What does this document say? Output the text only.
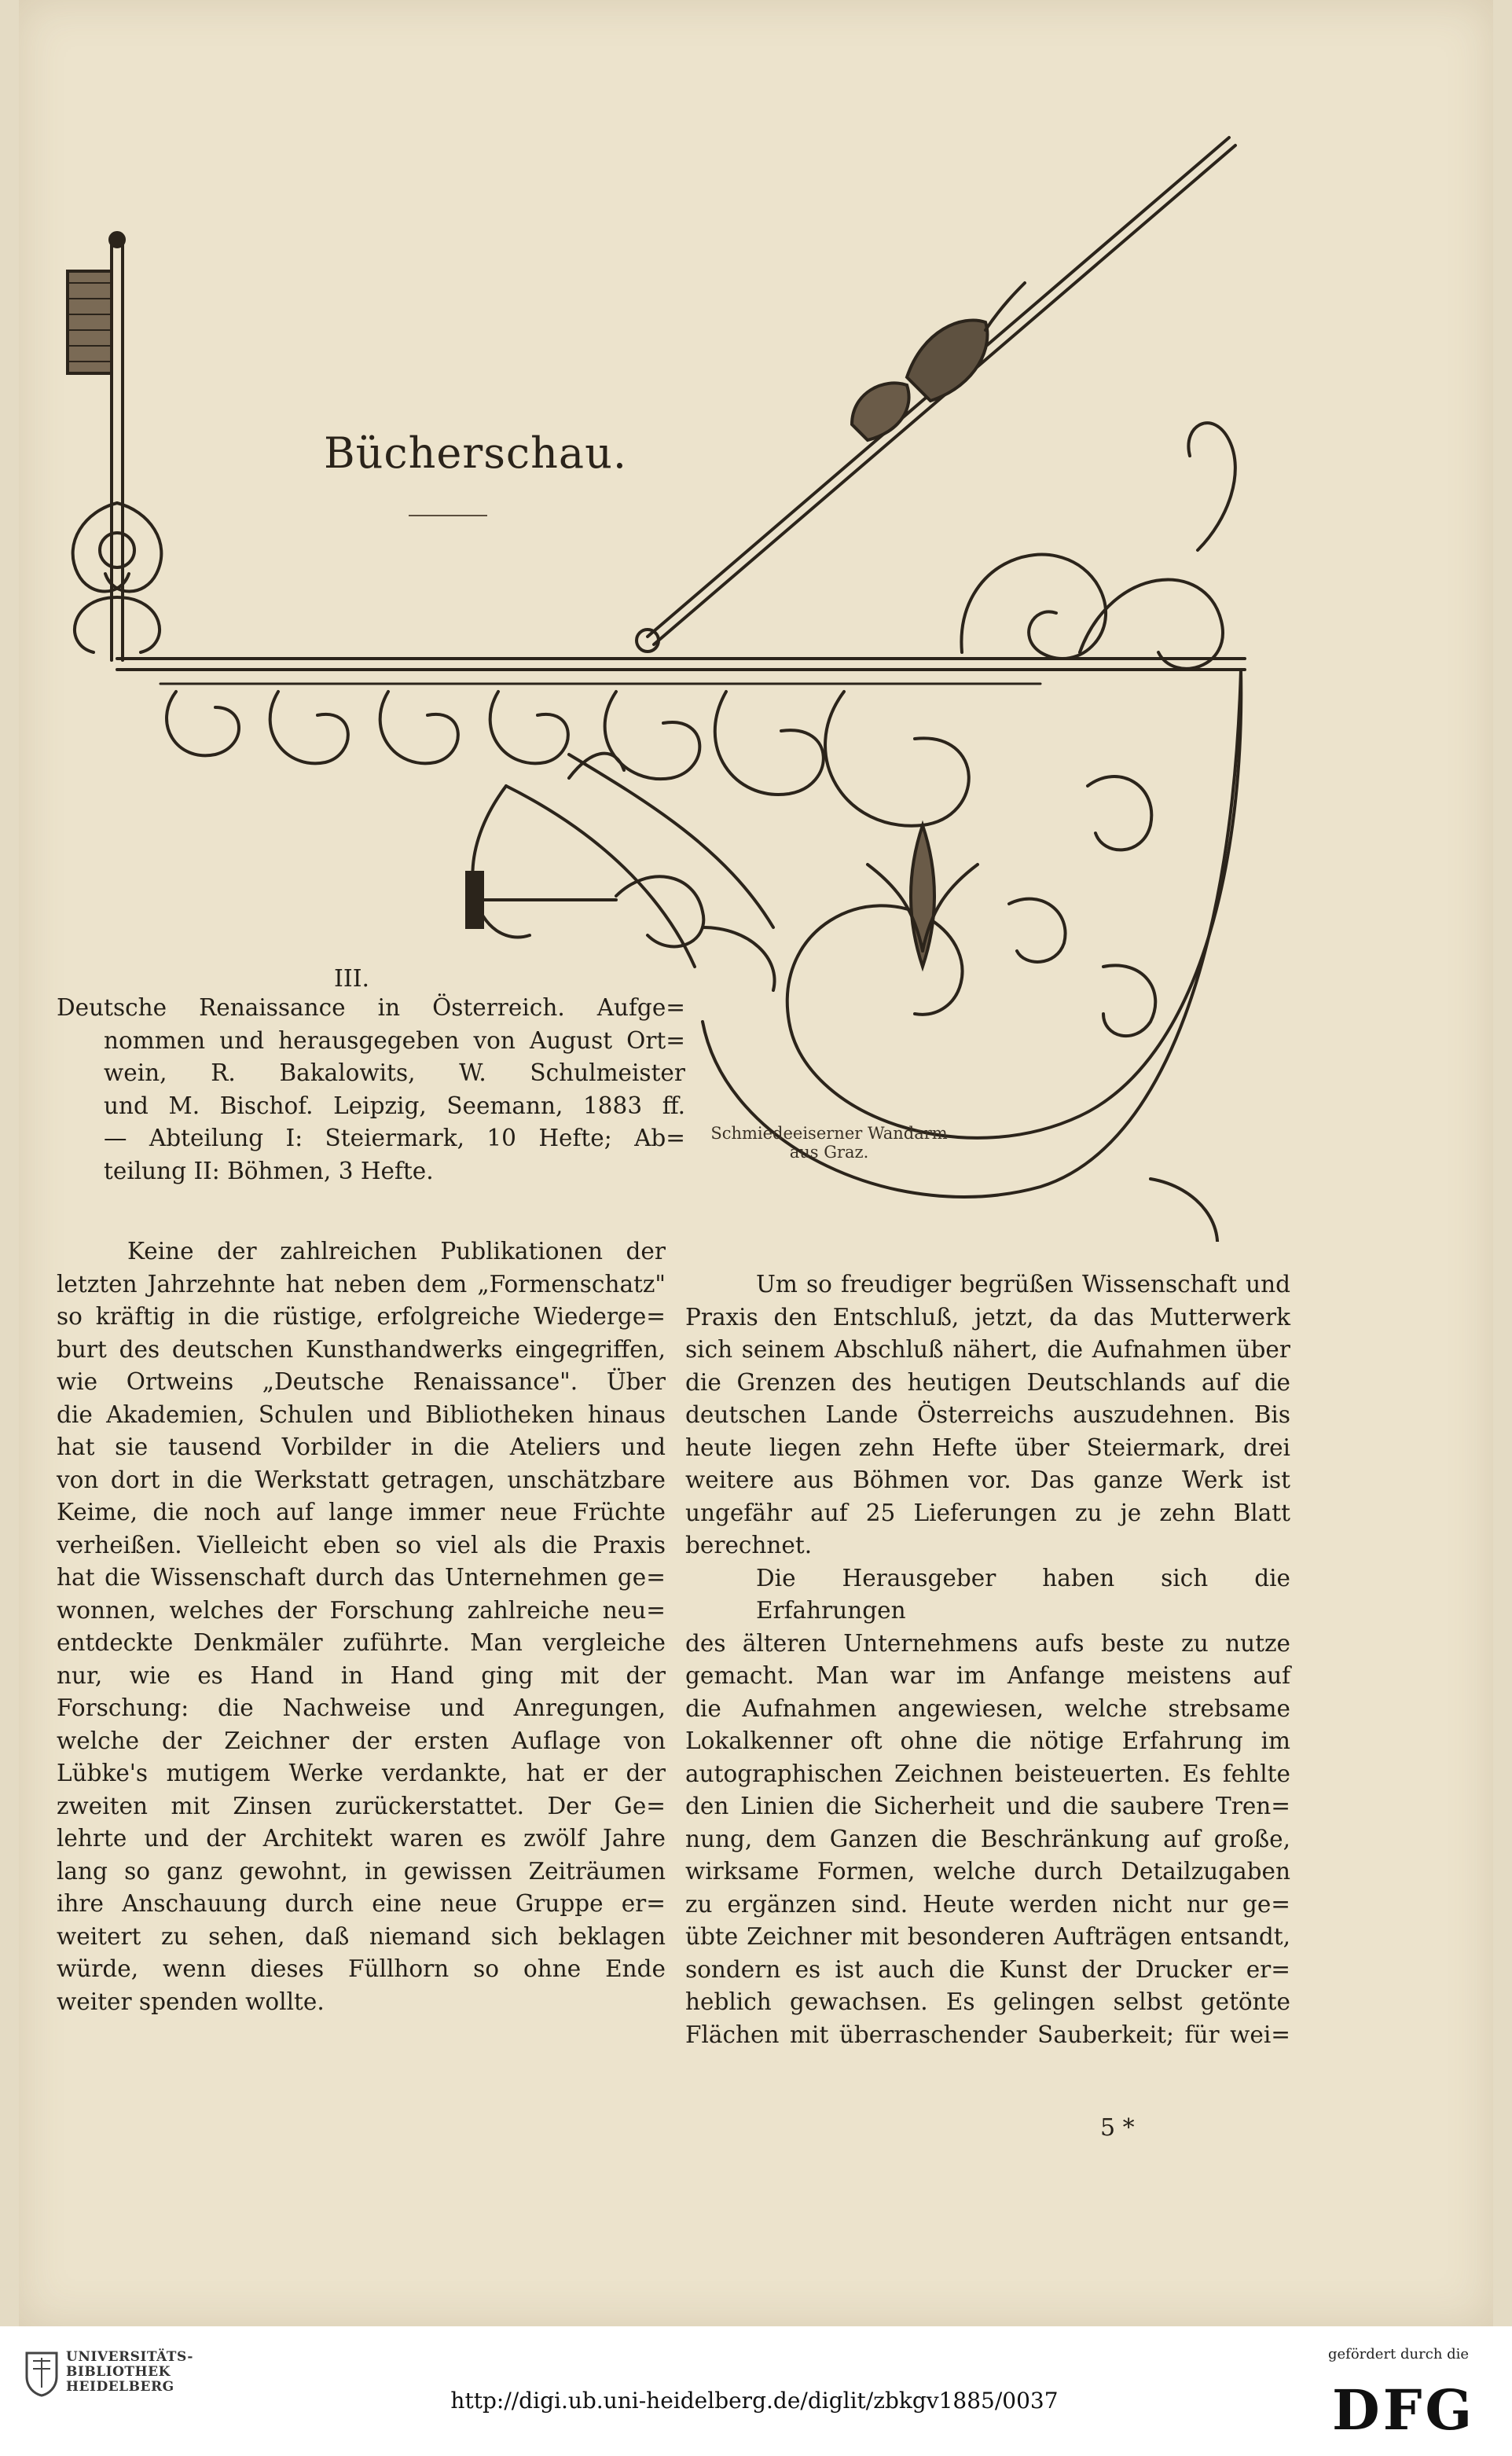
Bücherschau.
III.

Deutsche Renaissance in Österreich. Aufge=

nommen und herausgegeben von August Ort=

wein, R. Bakalowits, W. Schulmeister

und M. Bischof. Leipzig, Seemann, 1883 ff.

— Abteilung I: Steiermark, 10 Hefte; Ab=

teilung II: Böhmen, 3 Hefte.

Schmiedeeiserner Wandarm
aus Graz.

Keine der zahlreichen Publikationen der

letzten Jahrzehnte hat neben dem „Formenschatz"

so kräftig in die rüstige, erfolgreiche Wiederge=

burt des deutschen Kunsthandwerks eingegriffen,

wie Ortweins „Deutsche Renaissance". Über

die Akademien, Schulen und Bibliotheken hinaus

hat sie tausend Vorbilder in die Ateliers und

von dort in die Werkstatt getragen, unschätzbare

Keime, die noch auf lange immer neue Früchte

verheißen. Vielleicht eben so viel als die Praxis

hat die Wissenschaft durch das Unternehmen ge=

wonnen, welches der Forschung zahlreiche neu=

entdeckte Denkmäler zuführte. Man vergleiche

nur, wie es Hand in Hand ging mit der

Forschung: die Nachweise und Anregungen,

welche der Zeichner der ersten Auflage von

Lübke's mutigem Werke verdankte, hat er der

zweiten mit Zinsen zurückerstattet. Der Ge=

lehrte und der Architekt waren es zwölf Jahre

lang so ganz gewohnt, in gewissen Zeiträumen

ihre Anschauung durch eine neue Gruppe er=

weitert zu sehen, daß niemand sich beklagen

würde, wenn dieses Füllhorn so ohne Ende

weiter spenden wollte.

Um so freudiger begrüßen Wissenschaft und

Praxis den Entschluß, jetzt, da das Mutterwerk

sich seinem Abschluß nähert, die Aufnahmen über

die Grenzen des heutigen Deutschlands auf die

deutschen Lande Österreichs auszudehnen. Bis

heute liegen zehn Hefte über Steiermark, drei

weitere aus Böhmen vor. Das ganze Werk ist

ungefähr auf 25 Lieferungen zu je zehn Blatt

berechnet.

Die Herausgeber haben sich die Erfahrungen

des älteren Unternehmens aufs beste zu nutze

gemacht. Man war im Anfange meistens auf

die Aufnahmen angewiesen, welche strebsame

Lokalkenner oft ohne die nötige Erfahrung im

autographischen Zeichnen beisteuerten. Es fehlte

den Linien die Sicherheit und die saubere Tren=

nung, dem Ganzen die Beschränkung auf große,

wirksame Formen, welche durch Detailzugaben

zu ergänzen sind. Heute werden nicht nur ge=

übte Zeichner mit besonderen Aufträgen entsandt,

sondern es ist auch die Kunst der Drucker er=

heblich gewachsen. Es gelingen selbst getönte

Flächen mit überraschender Sauberkeit; für wei=

5 *
UNIVERSITÄTS-
BIBLIOTHEK
HEIDELBERG
http://digi.ub.uni-heidelberg.de/diglit/zbkgv1885/0037
gefördert durch die
DFG
